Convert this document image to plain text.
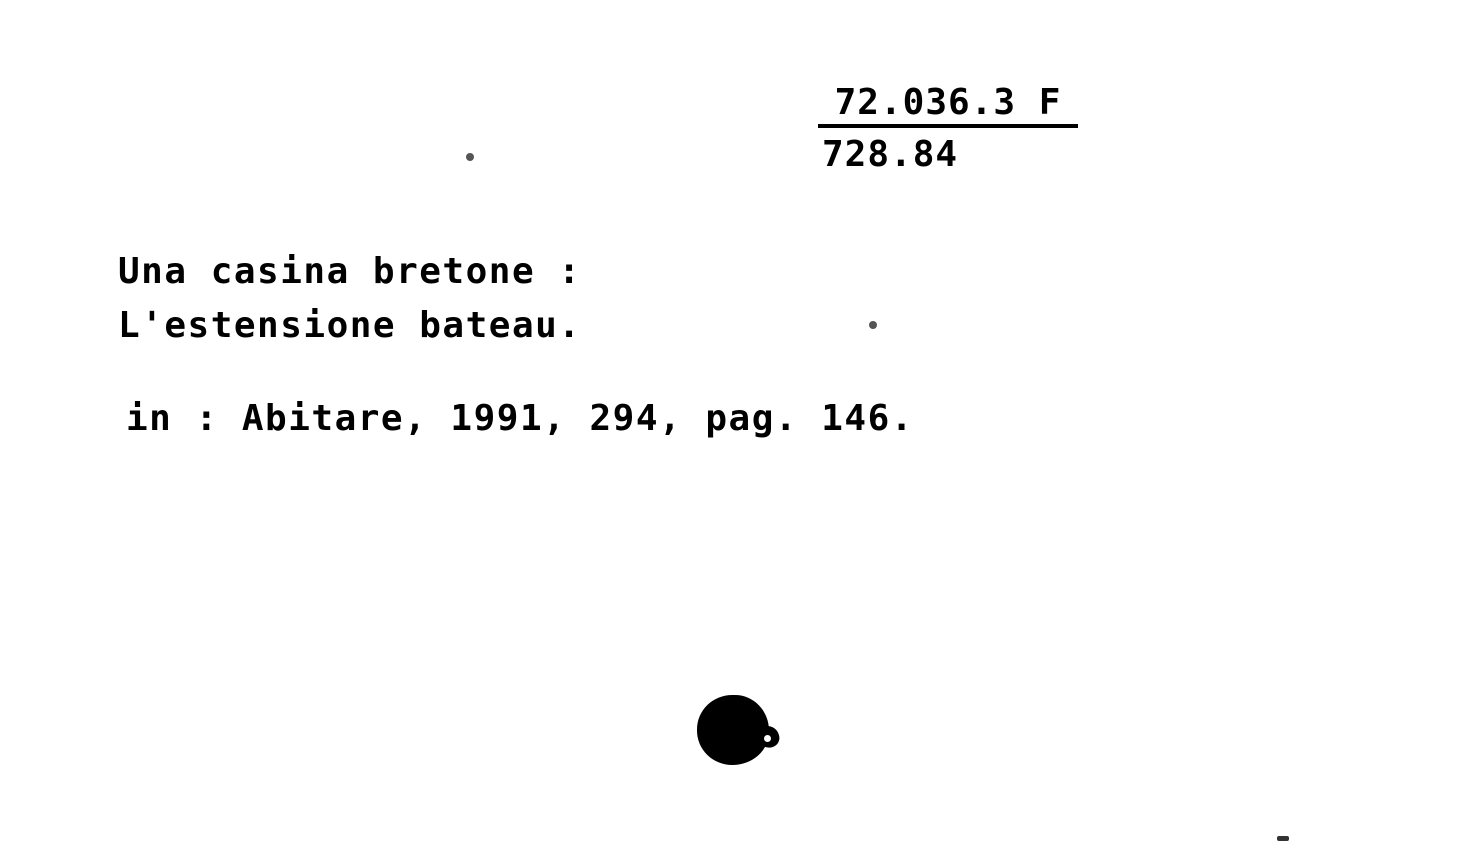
72.036.3 F
728.84
Una casina bretone :
L'estensione bateau.
in : Abitare, 1991, 294, pag. 146.
